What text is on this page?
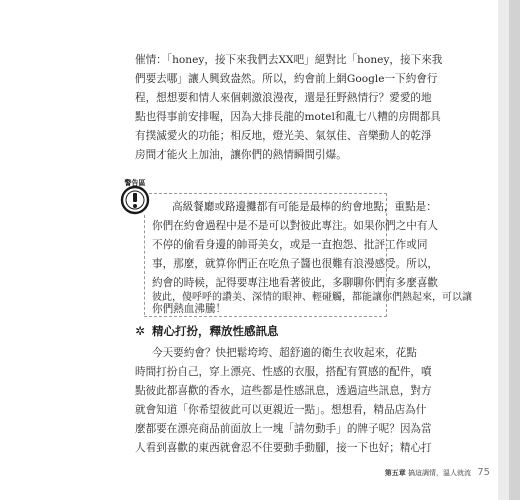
催情：「honey，接下來我們去XX吧」絕對比「honey，接下來我
們要去哪」讓人興致盎然。所以，約會前上網Google一下約會行
程，想想要和情人來個刺激浪漫夜，還是狂野熱情行？愛愛的地
點也得事前安排喔，因為大排長龍的motel和亂七八糟的房間都具
有撲滅愛火的功能；相反地，燈光美、氣氛佳、音樂動人的乾淨
房間才能火上加油，讓你們的熱情瞬間引爆。
警告區
高級餐廳或路邊攤都有可能是最棒的約會地點，重點是：
你們在約會過程中是不是可以對彼此專注。如果你們之中有人
不停的偷看身邊的帥哥美女，或是一直抱怨、批評工作或同
事，那麼，就算你們正在吃魚子醬也很難有浪漫感受。所以，
約會的時候，記得要專注地看著彼此，多聊聊你們有多麼喜歡
彼此，傻呼呼的讚美、深情的眼神、輕碰觸，都能讓你們熱起來，可以讓
你們熱血沸騰！
✲ 精心打扮，釋放性感訊息
今天要約會？快把鬆垮垮、超舒適的衛生衣收起來，花點
時間打扮自己，穿上漂亮、性感的衣服，搭配有質感的配件，噴
點彼此都喜歡的香水，這些都是性感訊息，透過這些訊息，對方
就會知道「你希望彼此可以更親近一點」。想想看，精品店為什
麼都要在漂亮商品前面放上一塊「請勿動手」的牌子呢？因為當
人看到喜歡的東西就會忍不住要動手動腳，接一下也好；精心打
第五章 搞這調情，溫人就流 75
